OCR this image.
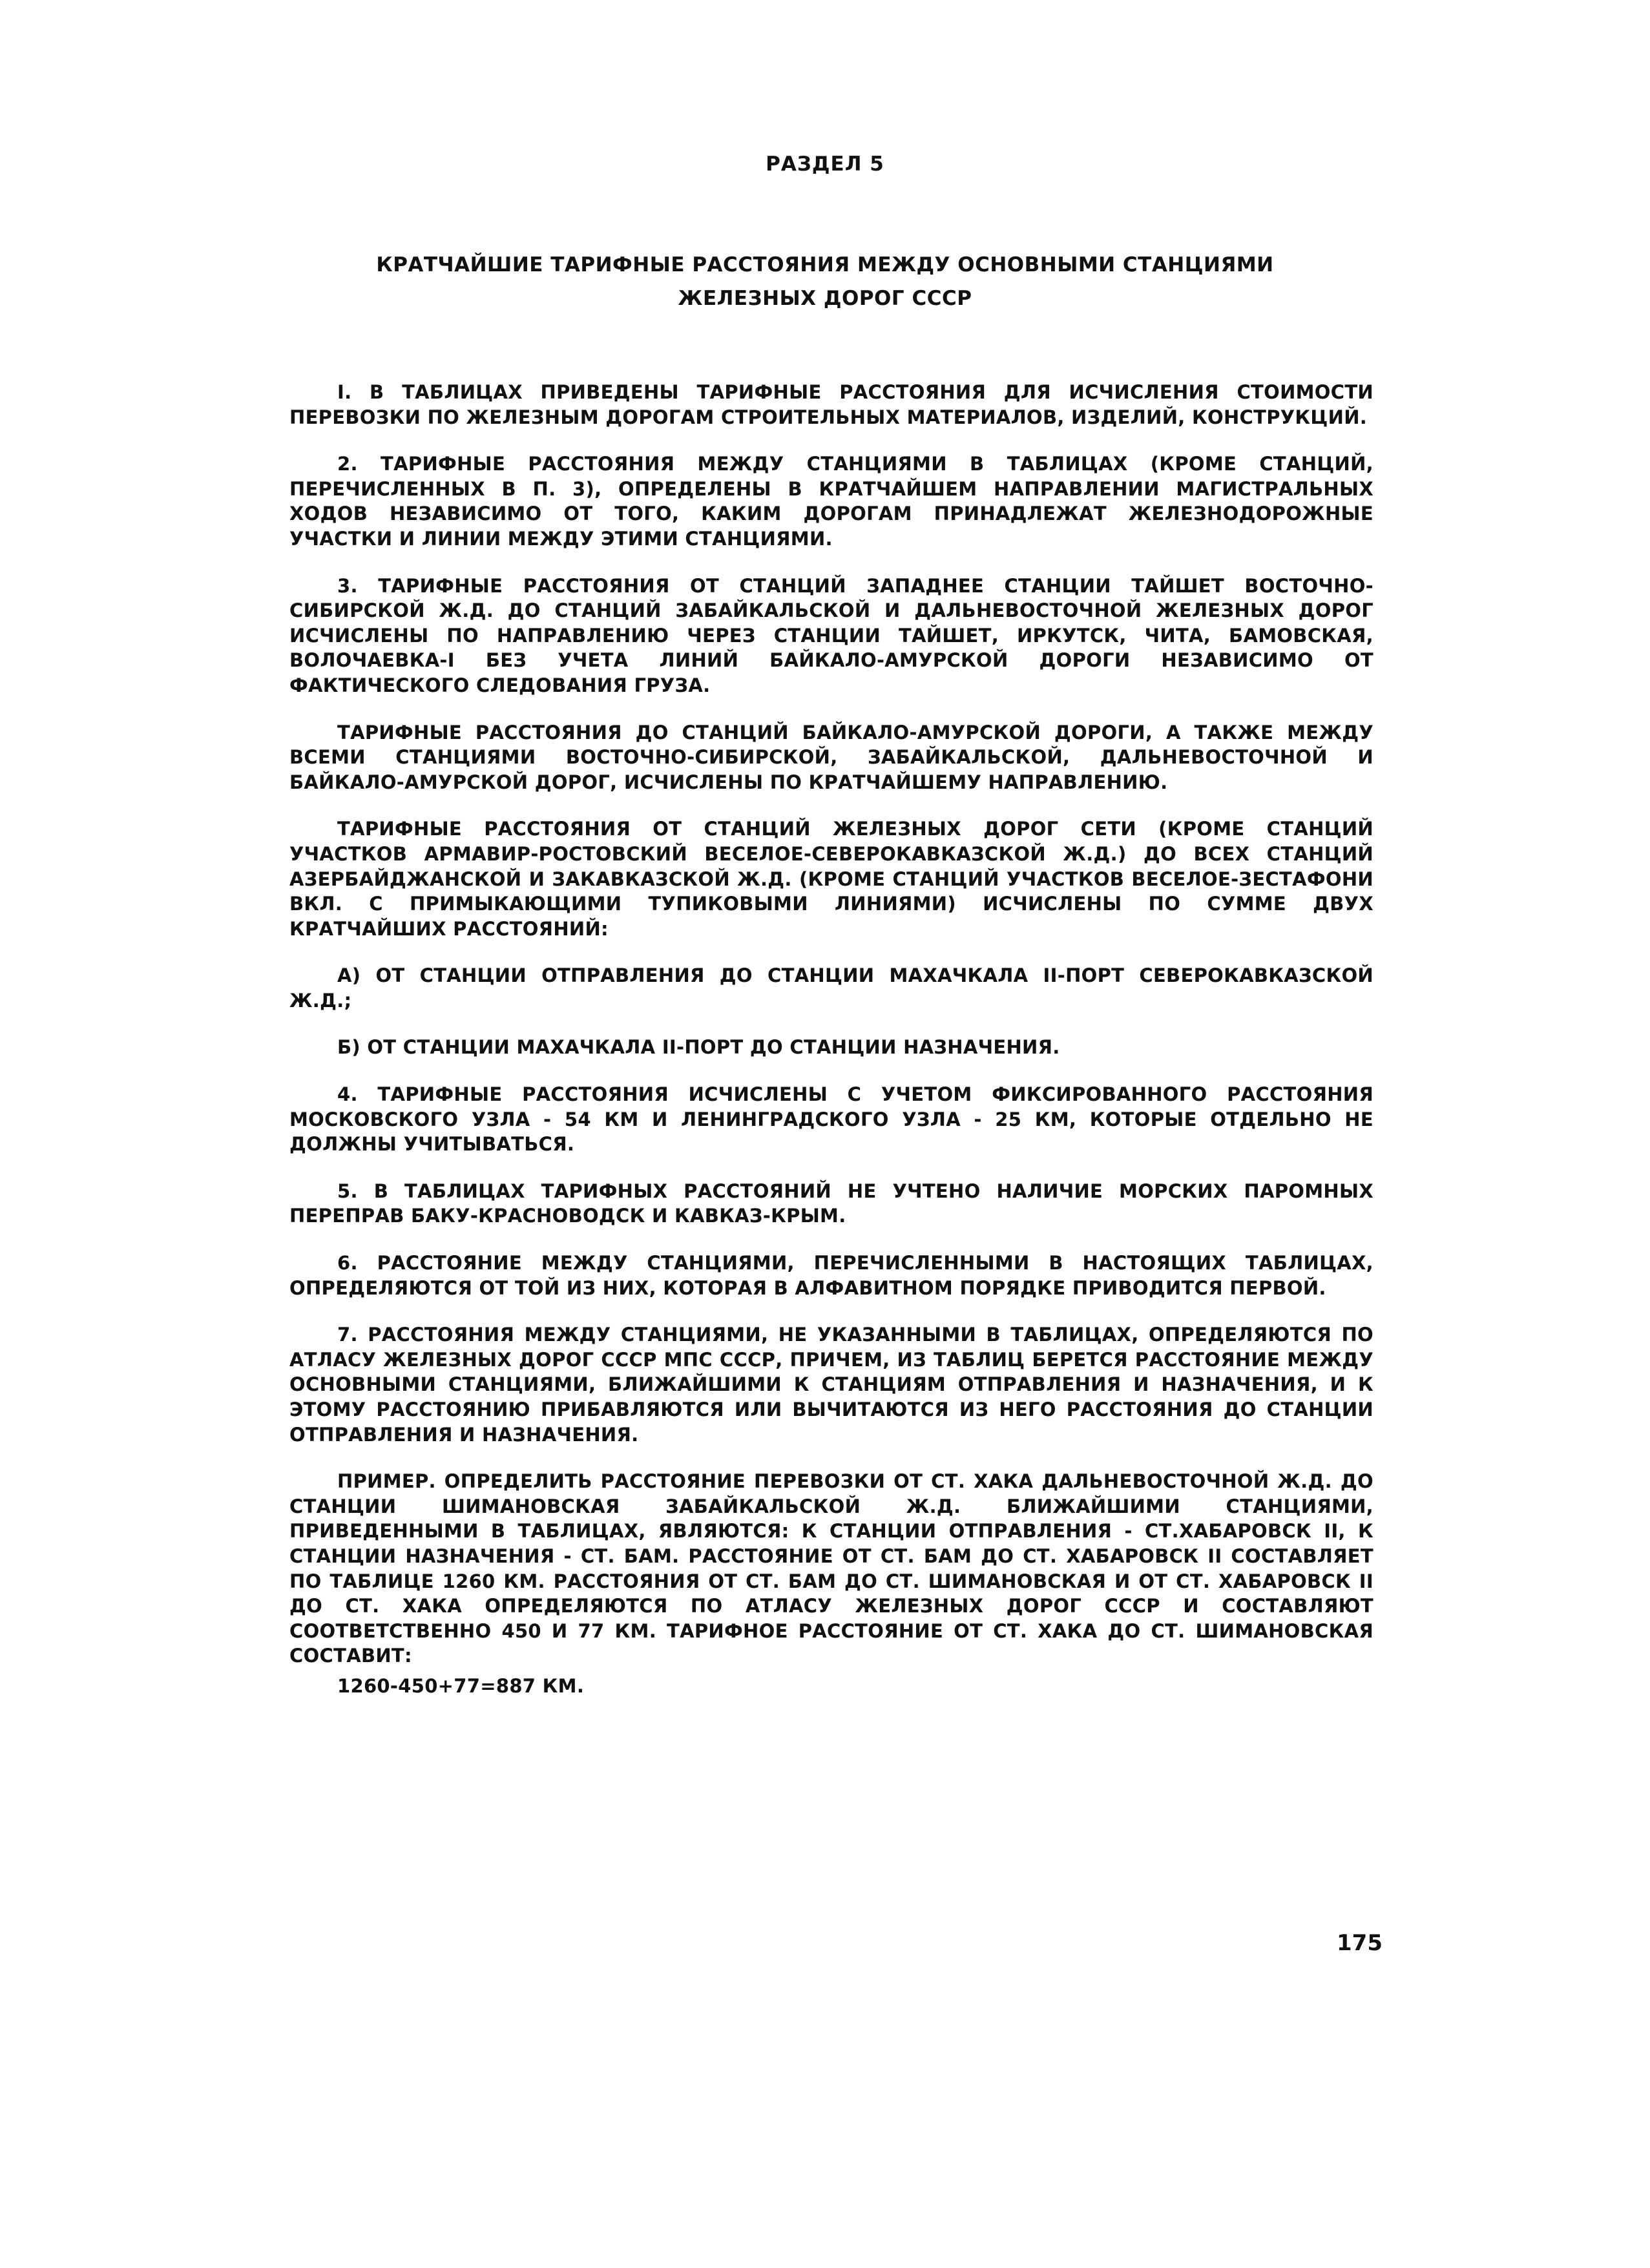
РАЗДЕЛ 5
КРАТЧАЙШИЕ ТАРИФНЫЕ РАССТОЯНИЯ МЕЖДУ ОСНОВНЫМИ СТАНЦИЯМИ
ЖЕЛЕЗНЫХ ДОРОГ СССР

I. В ТАБЛИЦАХ ПРИВЕДЕНЫ ТАРИФНЫЕ РАССТОЯНИЯ ДЛЯ ИСЧИСЛЕНИЯ СТОИМОСТИ ПЕРЕВОЗКИ ПО ЖЕЛЕЗНЫМ ДОРОГАМ СТРОИТЕЛЬНЫХ МАТЕРИАЛОВ, ИЗДЕЛИЙ, КОНСТРУКЦИЙ.

2. ТАРИФНЫЕ РАССТОЯНИЯ МЕЖДУ СТАНЦИЯМИ В ТАБЛИЦАХ (КРОМЕ СТАНЦИЙ, ПЕРЕЧИСЛЕННЫХ В П. 3), ОПРЕДЕЛЕНЫ В КРАТЧАЙШЕМ НАПРАВЛЕНИИ МАГИСТРАЛЬНЫХ ХОДОВ НЕЗАВИСИМО ОТ ТОГО, КАКИМ ДОРОГАМ ПРИНАДЛЕЖАТ ЖЕЛЕЗНОДОРОЖНЫЕ УЧАСТКИ И ЛИНИИ МЕЖДУ ЭТИМИ СТАНЦИЯМИ.

3. ТАРИФНЫЕ РАССТОЯНИЯ ОТ СТАНЦИЙ ЗАПАДНЕЕ СТАНЦИИ ТАЙШЕТ ВОСТОЧНО-СИБИРСКОЙ Ж.Д. ДО СТАНЦИЙ ЗАБАЙКАЛЬСКОЙ И ДАЛЬНЕВОСТОЧНОЙ ЖЕЛЕЗНЫХ ДОРОГ ИСЧИСЛЕНЫ ПО НАПРАВЛЕНИЮ ЧЕРЕЗ СТАНЦИИ ТАЙШЕТ, ИРКУТСК, ЧИТА, БАМОВСКАЯ, ВОЛОЧАЕВКА-I БЕЗ УЧЕТА ЛИНИЙ БАЙКАЛО-АМУРСКОЙ ДОРОГИ НЕЗАВИСИМО ОТ ФАКТИЧЕСКОГО СЛЕДОВАНИЯ ГРУЗА.

ТАРИФНЫЕ РАССТОЯНИЯ ДО СТАНЦИЙ БАЙКАЛО-АМУРСКОЙ ДОРОГИ, А ТАКЖЕ МЕЖДУ ВСЕМИ СТАНЦИЯМИ ВОСТОЧНО-СИБИРСКОЙ, ЗАБАЙКАЛЬСКОЙ, ДАЛЬНЕВОСТОЧНОЙ И БАЙКАЛО-АМУРСКОЙ ДОРОГ, ИСЧИСЛЕНЫ ПО КРАТЧАЙШЕМУ НАПРАВЛЕНИЮ.

ТАРИФНЫЕ РАССТОЯНИЯ ОТ СТАНЦИЙ ЖЕЛЕЗНЫХ ДОРОГ СЕТИ (КРОМЕ СТАНЦИЙ УЧАСТКОВ АРМАВИР-РОСТОВСКИЙ ВЕСЕЛОЕ-СЕВЕРОКАВКАЗСКОЙ Ж.Д.) ДО ВСЕХ СТАНЦИЙ АЗЕРБАЙДЖАНСКОЙ И ЗАКАВКАЗСКОЙ Ж.Д. (КРОМЕ СТАНЦИЙ УЧАСТКОВ ВЕСЕЛОЕ-ЗЕСТАФОНИ ВКЛ. С ПРИМЫКАЮЩИМИ ТУПИКОВЫМИ ЛИНИЯМИ) ИСЧИСЛЕНЫ ПО СУММЕ ДВУХ КРАТЧАЙШИХ РАССТОЯНИЙ:

А) ОТ СТАНЦИИ ОТПРАВЛЕНИЯ ДО СТАНЦИИ МАХАЧКАЛА II-ПОРТ СЕВЕРОКАВКАЗСКОЙ Ж.Д.;

Б) ОТ СТАНЦИИ МАХАЧКАЛА II-ПОРТ ДО СТАНЦИИ НАЗНАЧЕНИЯ.

4. ТАРИФНЫЕ РАССТОЯНИЯ ИСЧИСЛЕНЫ С УЧЕТОМ ФИКСИРОВАННОГО РАССТОЯНИЯ МОСКОВСКОГО УЗЛА - 54 КМ И ЛЕНИНГРАДСКОГО УЗЛА - 25 КМ, КОТОРЫЕ ОТДЕЛЬНО НЕ ДОЛЖНЫ УЧИТЫВАТЬСЯ.

5. В ТАБЛИЦАХ ТАРИФНЫХ РАССТОЯНИЙ НЕ УЧТЕНО НАЛИЧИЕ МОРСКИХ ПАРОМНЫХ ПЕРЕПРАВ БАКУ-КРАСНОВОДСК И КАВКАЗ-КРЫМ.

6. РАССТОЯНИЕ МЕЖДУ СТАНЦИЯМИ, ПЕРЕЧИСЛЕННЫМИ В НАСТОЯЩИХ ТАБЛИЦАХ, ОПРЕДЕЛЯЮТСЯ ОТ ТОЙ ИЗ НИХ, КОТОРАЯ В АЛФАВИТНОМ ПОРЯДКЕ ПРИВОДИТСЯ ПЕРВОЙ.

7. РАССТОЯНИЯ МЕЖДУ СТАНЦИЯМИ, НЕ УКАЗАННЫМИ В ТАБЛИЦАХ, ОПРЕДЕЛЯЮТСЯ ПО АТЛАСУ ЖЕЛЕЗНЫХ ДОРОГ СССР МПС СССР, ПРИЧЕМ, ИЗ ТАБЛИЦ БЕРЕТСЯ РАССТОЯНИЕ МЕЖДУ ОСНОВНЫМИ СТАНЦИЯМИ, БЛИЖАЙШИМИ К СТАНЦИЯМ ОТПРАВЛЕНИЯ И НАЗНАЧЕНИЯ, И К ЭТОМУ РАССТОЯНИЮ ПРИБАВЛЯЮТСЯ ИЛИ ВЫЧИТАЮТСЯ ИЗ НЕГО РАССТОЯНИЯ ДО СТАНЦИИ ОТПРАВЛЕНИЯ И НАЗНАЧЕНИЯ.

ПРИМЕР. ОПРЕДЕЛИТЬ РАССТОЯНИЕ ПЕРЕВОЗКИ ОТ СТ. ХАКА ДАЛЬНЕВОСТОЧНОЙ Ж.Д. ДО СТАНЦИИ ШИМАНОВСКАЯ ЗАБАЙКАЛЬСКОЙ Ж.Д. БЛИЖАЙШИМИ СТАНЦИЯМИ, ПРИВЕДЕННЫМИ В ТАБЛИЦАХ, ЯВЛЯЮТСЯ: К СТАНЦИИ ОТПРАВЛЕНИЯ - СТ.ХАБАРОВСК II, К СТАНЦИИ НАЗНАЧЕНИЯ - СТ. БАМ. РАССТОЯНИЕ ОТ СТ. БАМ ДО СТ. ХАБАРОВСК II СОСТАВЛЯЕТ ПО ТАБЛИЦЕ 1260 КМ. РАССТОЯНИЯ ОТ СТ. БАМ ДО СТ. ШИМАНОВСКАЯ И ОТ СТ. ХАБАРОВСК II ДО СТ. ХАКА ОПРЕДЕЛЯЮТСЯ ПО АТЛАСУ ЖЕЛЕЗНЫХ ДОРОГ СССР И СОСТАВЛЯЮТ СООТВЕТСТВЕННО 450 И 77 КМ. ТАРИФНОЕ РАССТОЯНИЕ ОТ СТ. ХАКА ДО СТ. ШИМАНОВСКАЯ СОСТАВИТ:

1260-450+77=887 КМ.

175
